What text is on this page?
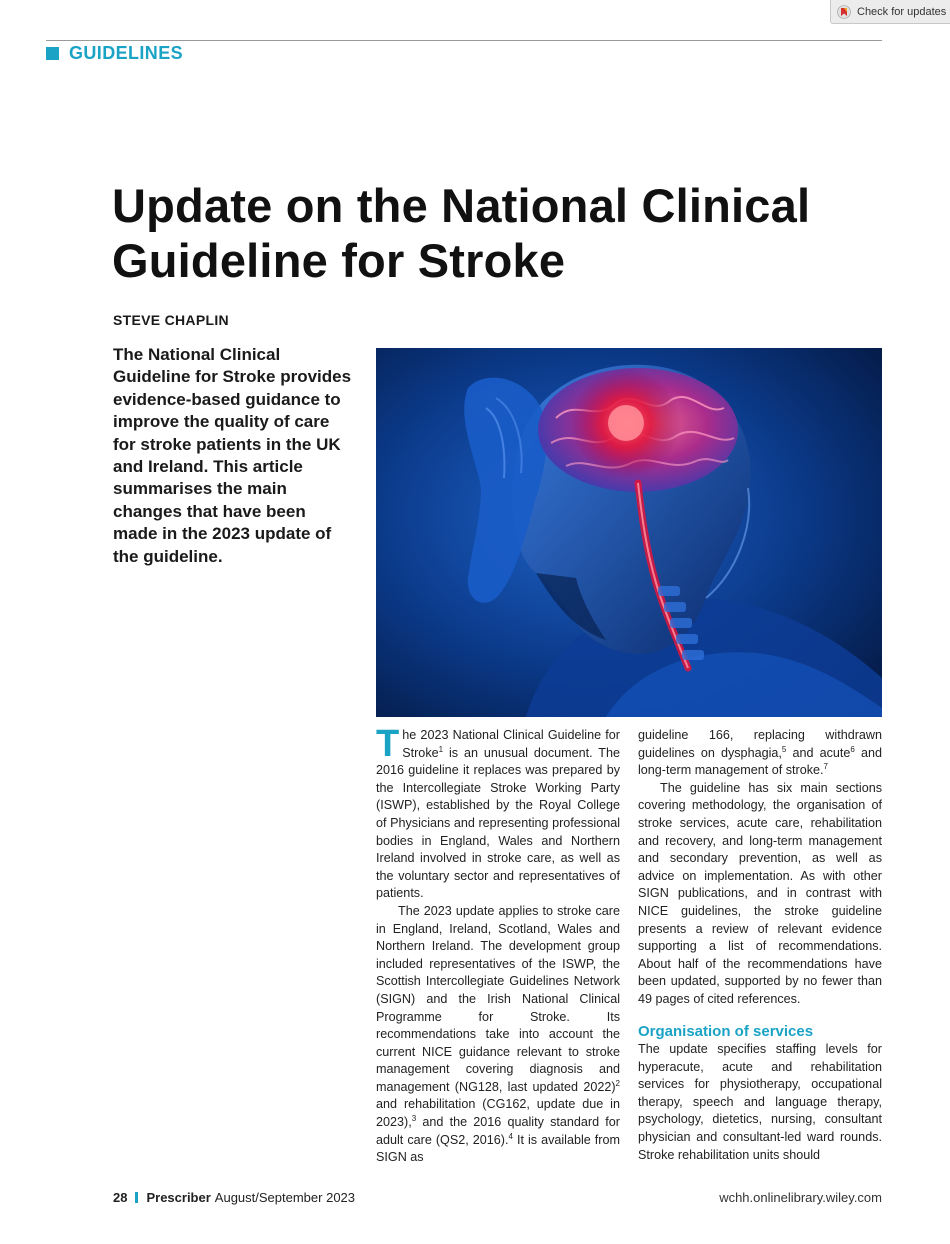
Check for updates
GUIDELINES
Update on the National Clinical Guideline for Stroke
STEVE CHAPLIN

The National Clinical Guideline for Stroke provides evidence-based guidance to improve the quality of care for stroke patients in the UK and Ireland. This article summarises the main changes that have been made in the 2023 update of the guideline.

The 2023 National Clinical Guideline for Stroke$^1$ is an unusual document. The 2016 guideline it replaces was prepared by the Intercollegiate Stroke Working Party (ISWP), established by the Royal College of Physicians and representing professional bodies in England, Wales and Northern Ireland involved in stroke care, as well as the voluntary sector and representatives of patients.

The 2023 update applies to stroke care in England, Ireland, Scotland, Wales and Northern Ireland. The development group included representatives of the ISWP, the Scottish Intercollegiate Guidelines Network (SIGN) and the Irish National Clinical Programme for Stroke. Its recommendations take into account the current NICE guidance relevant to stroke management covering diagnosis and management (NG128, last updated 2022)$^2$ and rehabilitation (CG162, update due in 2023),$^3$ and the 2016 quality standard for adult care (QS2, 2016).$^4$ It is available from SIGN as

guideline 166, replacing withdrawn guidelines on dysphagia,$^5$ and acute$^6$ and long-term management of stroke.$^7$

The guideline has six main sections covering methodology, the organisation of stroke services, acute care, rehabilitation and recovery, and long-term management and secondary prevention, as well as advice on implementation. As with other SIGN publications, and in contrast with NICE guidelines, the stroke guideline presents a review of relevant evidence supporting a list of recommendations. About half of the recommendations have been updated, supported by no fewer than 49 pages of cited references.

Organisation of services

The update specifies staffing levels for hyperacute, acute and rehabilitation services for physiotherapy, occupational therapy, speech and language therapy, psychology, dietetics, nursing, consultant physician and consultant-led ward rounds. Stroke rehabilitation units should

28 Prescriber August/September 2023	wchh.onlinelibrary.wiley.com
